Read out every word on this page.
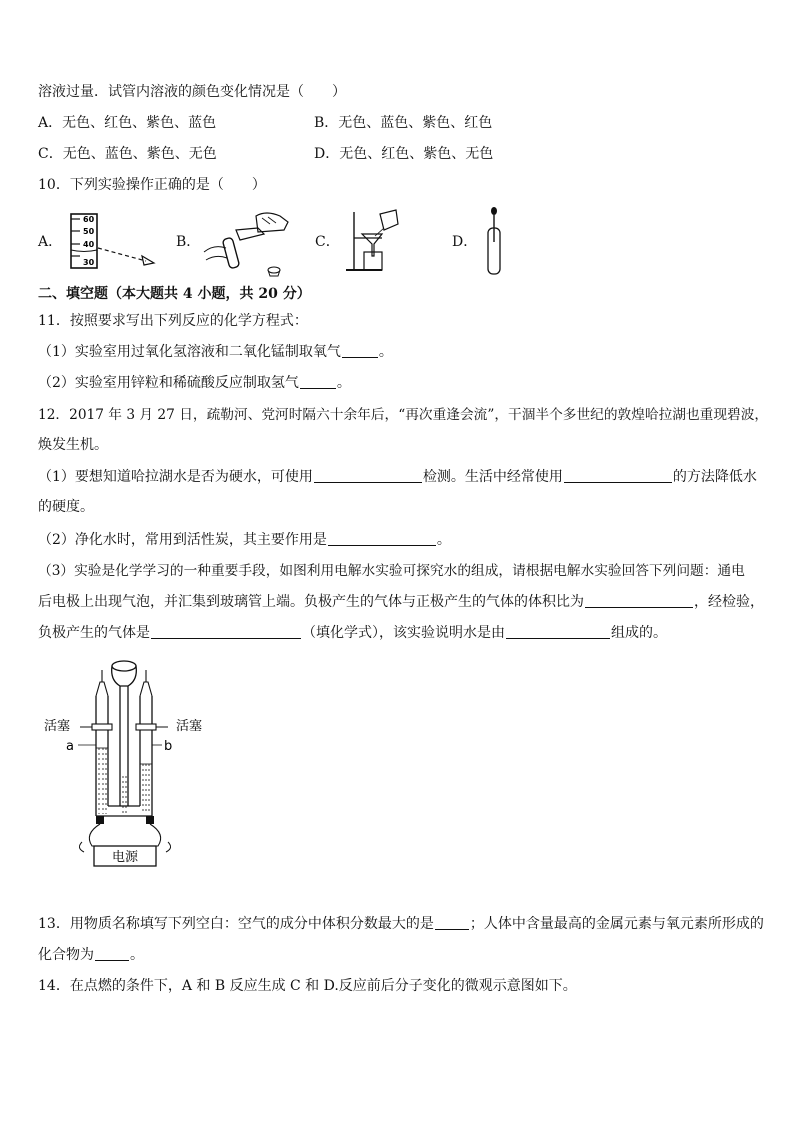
溶液过量．试管内溶液的颜色变化情况是（　　）
A．无色、红色、紫色、蓝色	B．无色、蓝色、紫色、红色
C．无色、蓝色、紫色、无色	D．无色、红色、紫色、无色
10．下列实验操作正确的是（　　）
A．
60
50
40
30
B．	C．	D．
二、填空题（本大题共 4 小题，共 20 分）
11．按照要求写出下列反应的化学方程式：
（1）实验室用过氧化氢溶液和二氧化锰制取氧气	。
（2）实验室用锌粒和稀硫酸反应制取氢气	。
12．2017 年 3 月 27 日，疏勒河、党河时隔六十余年后，“再次重逢会流”，干涸半个多世纪的敦煌哈拉湖也重现碧波，
焕发生机。
（1）要想知道哈拉湖水是否为硬水，可使用	检测。生活中经常使用	的方法降低水
的硬度。
（2）净化水时，常用到活性炭，其主要作用是	。
（3）实验是化学学习的一种重要手段，如图利用电解水实验可探究水的组成，请根据电解水实验回答下列问题：通电
后电极上出现气泡，并汇集到玻璃管上端。负极产生的气体与正极产生的气体的体积比为	，经检验，
负极产生的气体是	（填化学式），该实验说明水是由	组成的。
电源
活塞	活塞
a	b
13．用物质名称填写下列空白：空气的成分中体积分数最大的是	；人体中含量最高的金属元素与氧元素所形成的
化合物为	。
14．在点燃的条件下，A 和 B 反应生成 C 和 D.反应前后分子变化的微观示意图如下。
